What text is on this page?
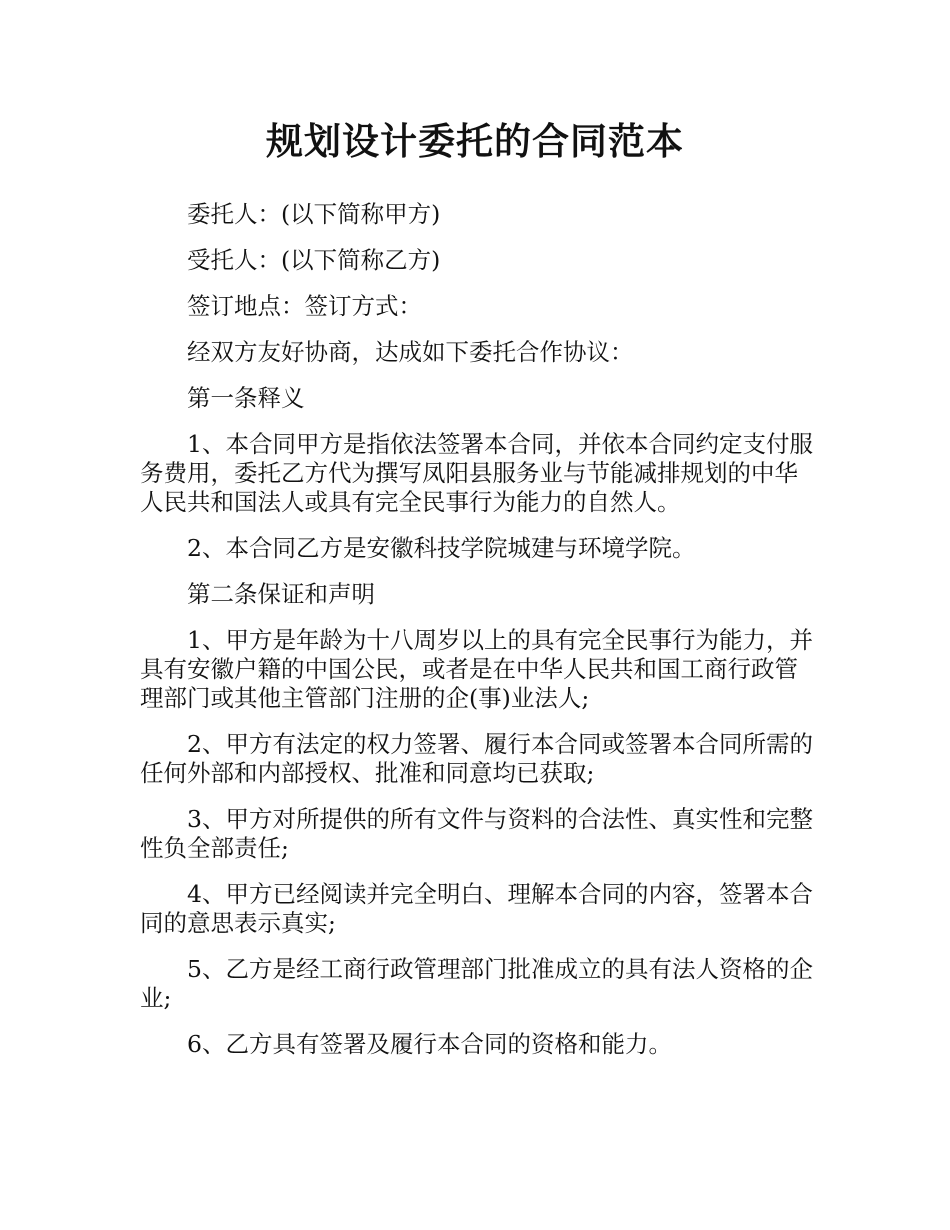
规划设计委托的合同范本

委托人：(以下简称甲方)

受托人：(以下简称乙方)

签订地点：签订方式：

经双方友好协商，达成如下委托合作协议：

第一条释义

1、本合同甲方是指依法签署本合同，并依本合同约定支付服务费用，委托乙方代为撰写凤阳县服务业与节能减排规划的中华人民共和国法人或具有完全民事行为能力的自然人。

2、本合同乙方是安徽科技学院城建与环境学院。

第二条保证和声明

1、甲方是年龄为十八周岁以上的具有完全民事行为能力，并具有安徽户籍的中国公民，或者是在中华人民共和国工商行政管理部门或其他主管部门注册的企(事)业法人;

2、甲方有法定的权力签署、履行本合同或签署本合同所需的任何外部和内部授权、批准和同意均已获取;

3、甲方对所提供的所有文件与资料的合法性、真实性和完整性负全部责任;

4、甲方已经阅读并完全明白、理解本合同的内容，签署本合同的意思表示真实;

5、乙方是经工商行政管理部门批准成立的具有法人资格的企业;

6、乙方具有签署及履行本合同的资格和能力。
